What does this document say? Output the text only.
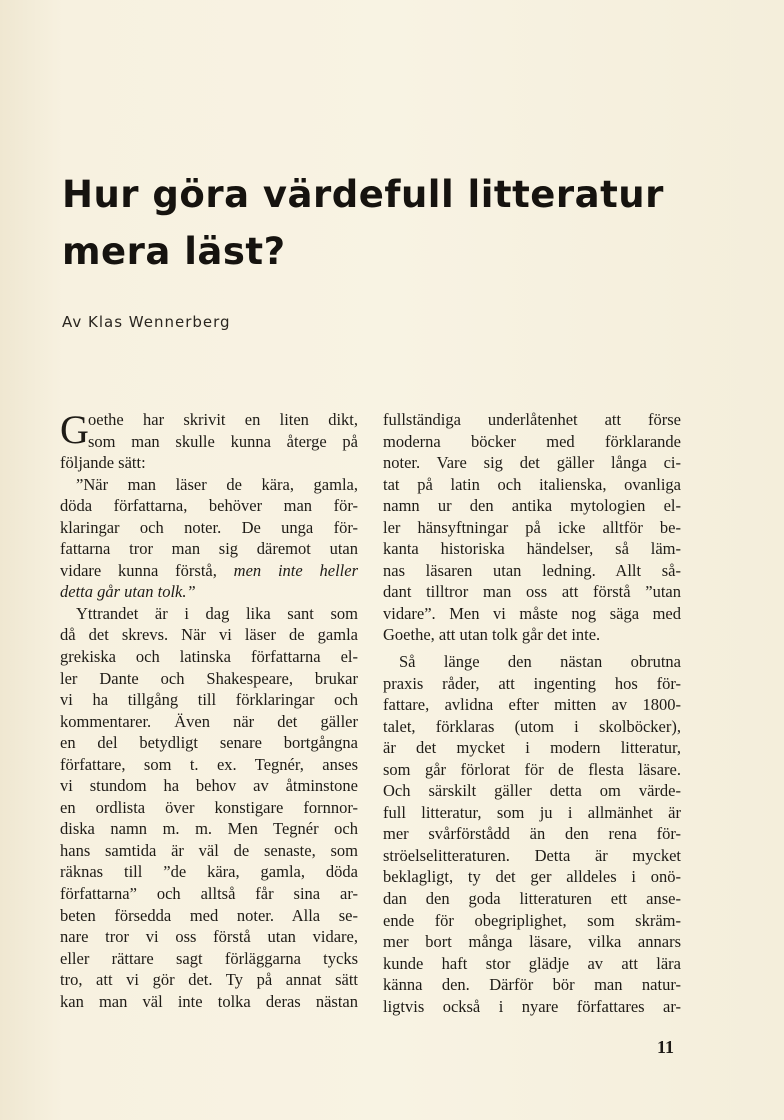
Hur göra värdefull litteratur
mera läst?
Av Klas Wennerberg
G oethe har skrivit en liten dikt,
som man skulle kunna återge på
följande sätt:
”När man läser de kära, gamla,
döda författarna, behöver man för-
klaringar och noter. De unga för-
fattarna tror man sig däremot utan
vidare kunna förstå, men inte heller
detta går utan tolk.”
Yttrandet är i dag lika sant som
då det skrevs. När vi läser de gamla
grekiska och latinska författarna el-
ler Dante och Shakespeare, brukar
vi ha tillgång till förklaringar och
kommentarer. Även när det gäller
en del betydligt senare bortgångna
författare, som t. ex. Tegnér, anses
vi stundom ha behov av åtminstone
en ordlista över konstigare fornnor-
diska namn m. m. Men Tegnér och
hans samtida är väl de senaste, som
räknas till ”de kära, gamla, döda
författarna” och alltså får sina ar-
beten försedda med noter. Alla se-
nare tror vi oss förstå utan vidare,
eller rättare sagt förläggarna tycks
tro, att vi gör det. Ty på annat sätt
kan man väl inte tolka deras nästan
fullständiga underlåtenhet att förse
moderna böcker med förklarande
noter. Vare sig det gäller långa ci-
tat på latin och italienska, ovanliga
namn ur den antika mytologien el-
ler hänsyftningar på icke alltför be-
kanta historiska händelser, så läm-
nas läsaren utan ledning. Allt så-
dant tilltror man oss att förstå ”utan
vidare”. Men vi måste nog säga med
Goethe, att utan tolk går det inte.
Så länge den nästan obrutna
praxis råder, att ingenting hos för-
fattare, avlidna efter mitten av 1800-
talet, förklaras (utom i skolböcker),
är det mycket i modern litteratur,
som går förlorat för de flesta läsare.
Och särskilt gäller detta om värde-
full litteratur, som ju i allmänhet är
mer svårförstådd än den rena för-
ströelselitteraturen. Detta är mycket
beklagligt, ty det ger alldeles i onö-
dan den goda litteraturen ett anse-
ende för obegriplighet, som skräm-
mer bort många läsare, vilka annars
kunde haft stor glädje av att lära
känna den. Därför bör man natur-
ligtvis också i nyare författares ar-
11
